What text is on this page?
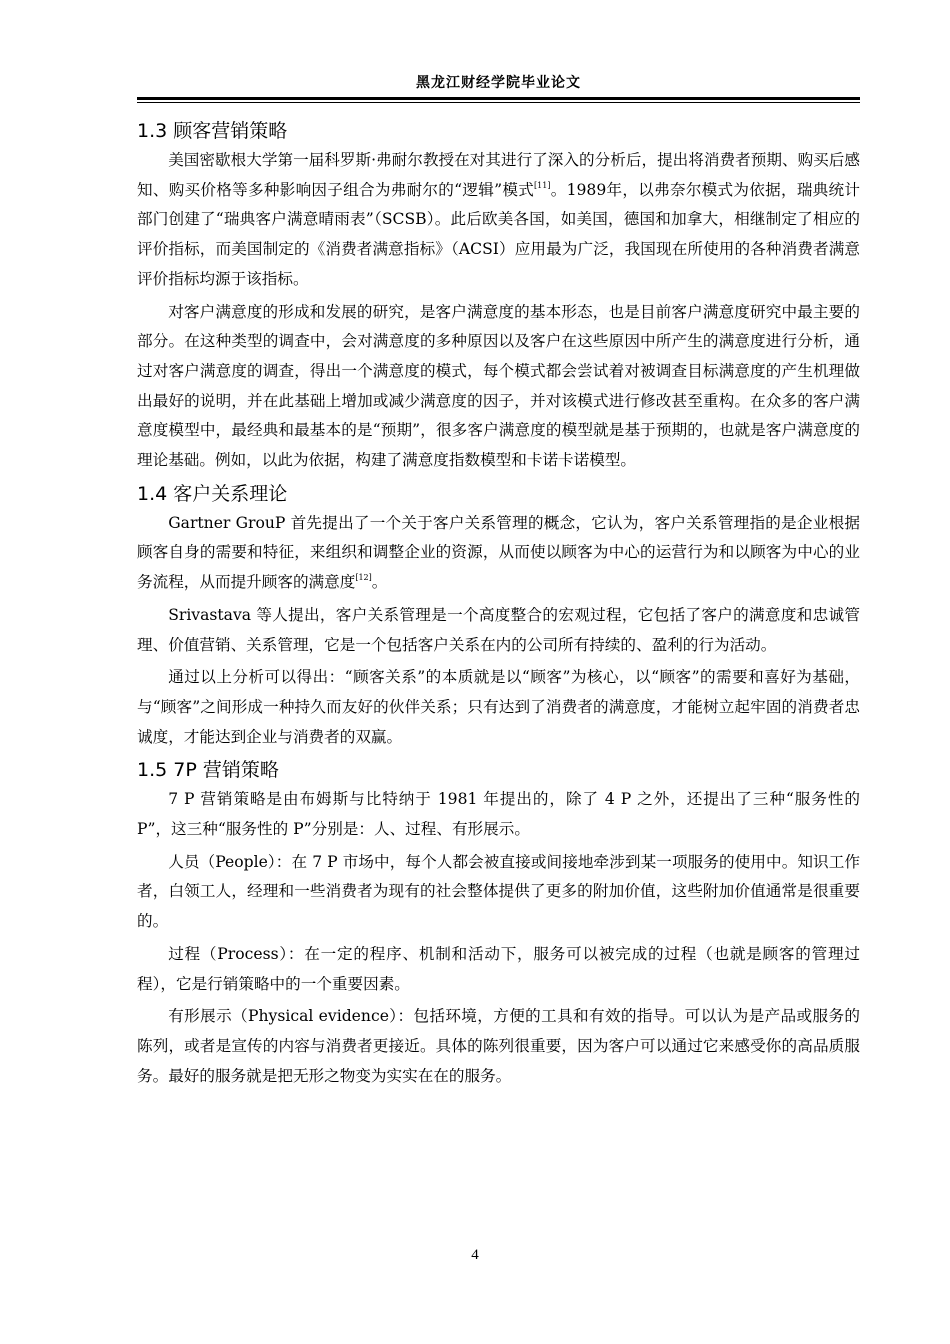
黑龙江财经学院毕业论文
1.3 顾客营销策略

美国密歇根大学第一届科罗斯·弗耐尔教授在对其进行了深入的分析后，提出将消费者预期、购买后感知、购买价格等多种影响因子组合为弗耐尔的“逻辑”模式[11]。1989年，以弗奈尔模式为依据，瑞典统计部门创建了“瑞典客户满意晴雨表”（SCSB）。此后欧美各国，如美国，德国和加拿大，相继制定了相应的评价指标，而美国制定的《消费者满意指标》（ACSI）应用最为广泛，我国现在所使用的各种消费者满意评价指标均源于该指标。

对客户满意度的形成和发展的研究，是客户满意度的基本形态，也是目前客户满意度研究中最主要的部分。在这种类型的调查中，会对满意度的多种原因以及客户在这些原因中所产生的满意度进行分析，通过对客户满意度的调查，得出一个满意度的模式，每个模式都会尝试着对被调查目标满意度的产生机理做出最好的说明，并在此基础上增加或减少满意度的因子，并对该模式进行修改甚至重构。在众多的客户满意度模型中，最经典和最基本的是“预期”，很多客户满意度的模型就是基于预期的，也就是客户满意度的理论基础。例如，以此为依据，构建了满意度指数模型和卡诺卡诺模型。

1.4 客户关系理论

Gartner GrouP 首先提出了一个关于客户关系管理的概念，它认为，客户关系管理指的是企业根据顾客自身的需要和特征，来组织和调整企业的资源，从而使以顾客为中心的运营行为和以顾客为中心的业务流程，从而提升顾客的满意度[12]。

Srivastava 等人提出，客户关系管理是一个高度整合的宏观过程，它包括了客户的满意度和忠诚管理、价值营销、关系管理，它是一个包括客户关系在内的公司所有持续的、盈利的行为活动。

通过以上分析可以得出：“顾客关系”的本质就是以“顾客”为核心，以“顾客”的需要和喜好为基础，与“顾客”之间形成一种持久而友好的伙伴关系；只有达到了消费者的满意度，才能树立起牢固的消费者忠诚度，才能达到企业与消费者的双赢。

1.5 7P 营销策略

7 P 营销策略是由布姆斯与比特纳于 1981 年提出的，除了 4 P 之外，还提出了三种“服务性的 P”，这三种“服务性的 P”分别是：人、过程、有形展示。

人员（People）：在 7 P 市场中，每个人都会被直接或间接地牵涉到某一项服务的使用中。知识工作者，白领工人，经理和一些消费者为现有的社会整体提供了更多的附加价值，这些附加价值通常是很重要的。

过程（Process）：在一定的程序、机制和活动下，服务可以被完成的过程（也就是顾客的管理过程），它是行销策略中的一个重要因素。

有形展示（Physical evidence）：包括环境，方便的工具和有效的指导。可以认为是产品或服务的陈列，或者是宣传的内容与消费者更接近。具体的陈列很重要，因为客户可以通过它来感受你的高品质服务。最好的服务就是把无形之物变为实实在在的服务。

4
